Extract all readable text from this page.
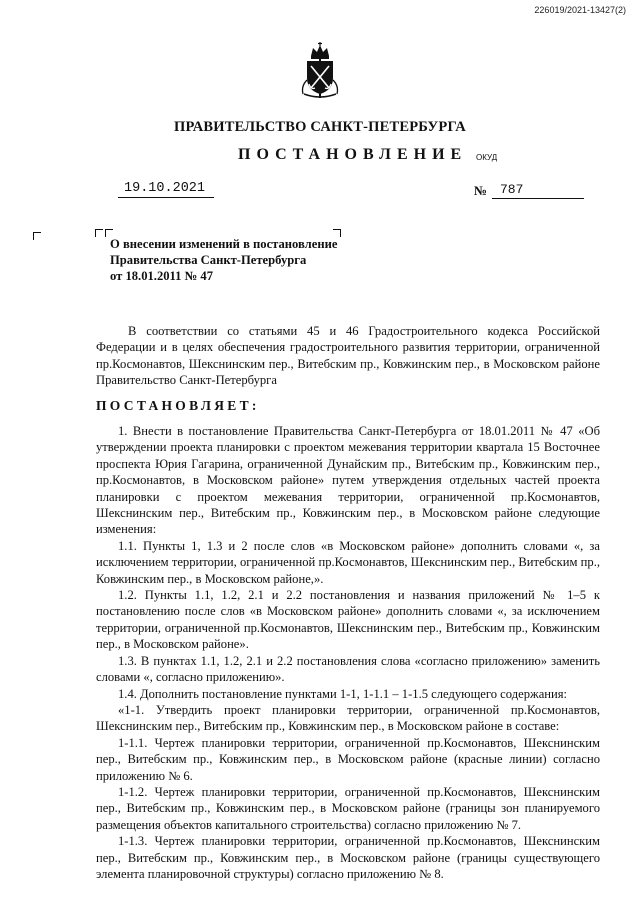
226019/2021-13427(2)
ПРАВИТЕЛЬСТВО САНКТ-ПЕТЕРБУРГА
ПОСТАНОВЛЕНИЕ ОКУД
19.10.2021	№ 787
О внесении изменений в постановление
Правительства Санкт-Петербурга
от 18.01.2011 № 47

В соответствии со статьями 45 и 46 Градостроительного кодекса Российской Федерации и в целях обеспечения градостроительного развития территории, ограниченной пр.Космонавтов, Шекснинским пер., Витебским пр., Ковжинским пер., в Московском районе Правительство Санкт-Петербурга

ПОСТАНОВЛЯЕТ:

1. Внести в постановление Правительства Санкт-Петербурга от 18.01.2011 № 47 «Об утверждении проекта планировки с проектом межевания территории квартала 15 Восточнее проспекта Юрия Гагарина, ограниченной Дунайским пр., Витебским пр., Ковжинским пер., пр.Космонавтов, в Московском районе» путем утверждения отдельных частей проекта планировки с проектом межевания территории, ограниченной пр.Космонавтов, Шекснинским пер., Витебским пр., Ковжинским пер., в Московском районе следующие изменения:

1.1. Пункты 1, 1.3 и 2 после слов «в Московском районе» дополнить словами «, за исключением территории, ограниченной пр.Космонавтов, Шекснинским пер., Витебским пр., Ковжинским пер., в Московском районе,».

1.2. Пункты 1.1, 1.2, 2.1 и 2.2 постановления и названия приложений № 1–5 к постановлению после слов «в Московском районе» дополнить словами «, за исключением территории, ограниченной пр.Космонавтов, Шекснинским пер., Витебским пр., Ковжинским пер., в Московском районе».

1.3. В пунктах 1.1, 1.2, 2.1 и 2.2 постановления слова «согласно приложению» заменить словами «, согласно приложению».

1.4. Дополнить постановление пунктами 1-1, 1-1.1 – 1-1.5 следующего содержания:

«1-1. Утвердить проект планировки территории, ограниченной пр.Космонавтов, Шекснинским пер., Витебским пр., Ковжинским пер., в Московском районе в составе:

1-1.1. Чертеж планировки территории, ограниченной пр.Космонавтов, Шекснинским пер., Витебским пр., Ковжинским пер., в Московском районе (красные линии) согласно приложению № 6.

1-1.2. Чертеж планировки территории, ограниченной пр.Космонавтов, Шекснинским пер., Витебским пр., Ковжинским пер., в Московском районе (границы зон планируемого размещения объектов капитального строительства) согласно приложению № 7.

1-1.3. Чертеж планировки территории, ограниченной пр.Космонавтов, Шекснинским пер., Витебским пр., Ковжинским пер., в Московском районе (границы существующего элемента планировочной структуры) согласно приложению № 8.
